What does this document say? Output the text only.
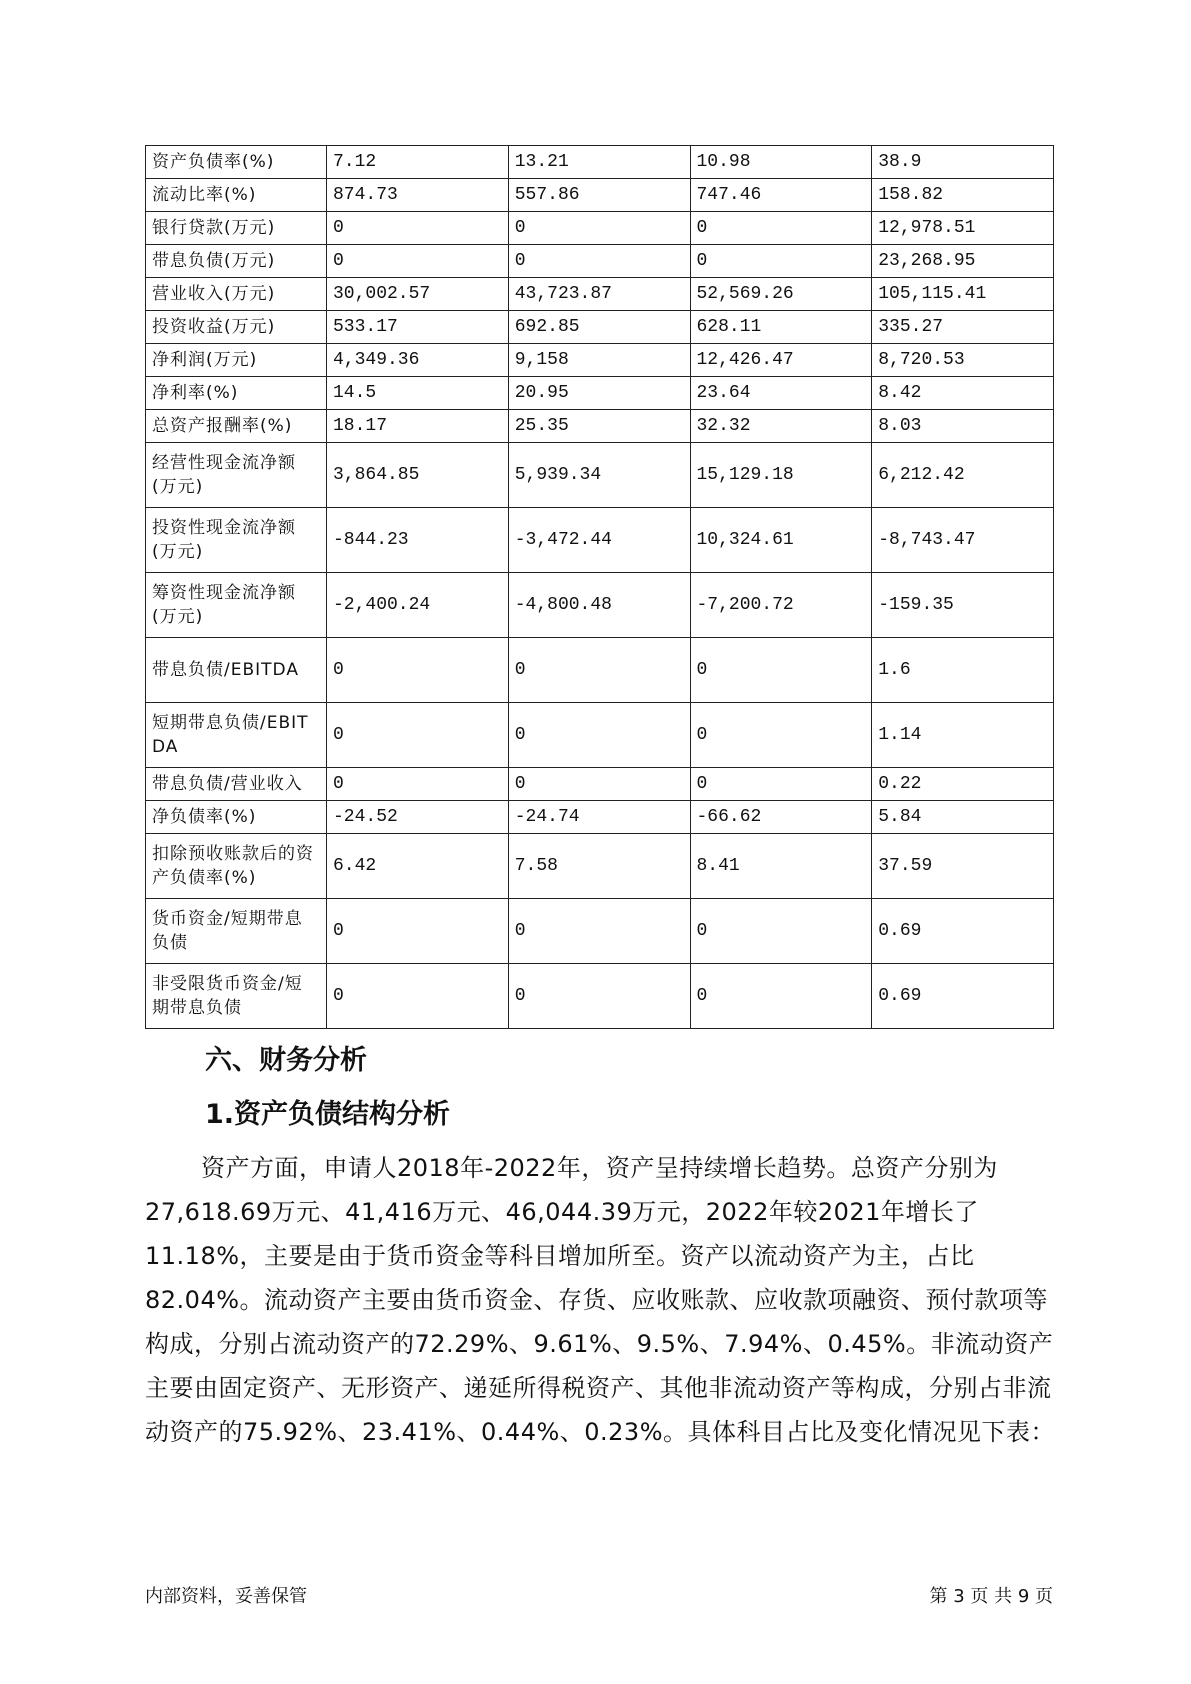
资产负债率(%)	7.12	13.21	10.98	38.9
流动比率(%)	874.73	557.86	747.46	158.82
银行贷款(万元)	0	0	0	12,978.51
带息负债(万元)	0	0	0	23,268.95
营业收入(万元)	30,002.57	43,723.87	52,569.26	105,115.41
投资收益(万元)	533.17	692.85	628.11	335.27
净利润(万元)	4,349.36	9,158	12,426.47	8,720.53
净利率(%)	14.5	20.95	23.64	8.42
总资产报酬率(%)	18.17	25.35	32.32	8.03
经营性现金流净额(万元)	3,864.85	5,939.34	15,129.18	6,212.42
投资性现金流净额(万元)	-844.23	-3,472.44	10,324.61	-8,743.47
筹资性现金流净额(万元)	-2,400.24	-4,800.48	-7,200.72	-159.35
带息负债/EBITDA	0	0	0	1.6
短期带息负债/EBITDA	0	0	0	1.14
带息负债/营业收入	0	0	0	0.22
净负债率(%)	-24.52	-24.74	-66.62	5.84
扣除预收账款后的资产负债率(%)	6.42	7.58	8.41	37.59
货币资金/短期带息负债	0	0	0	0.69
非受限货币资金/短期带息负债	0	0	0	0.69
六、财务分析
1.资产负债结构分析

资产方面，申请人2018年-2022年，资产呈持续增长趋势。总资产分别为27,618.69万元、41,416万元、46,044.39万元，2022年较2021年增长了11.18%，主要是由于货币资金等科目增加所至。资产以流动资产为主，占比82.04%。流动资产主要由货币资金、存货、应收账款、应收款项融资、预付款项等构成，分别占流动资产的72.29%、9.61%、9.5%、7.94%、0.45%。非流动资产主要由固定资产、无形资产、递延所得税资产、其他非流动资产等构成，分别占非流动资产的75.92%、23.41%、0.44%、0.23%。具体科目占比及变化情况见下表：

内部资料，妥善保管	第 3 页 共 9 页
